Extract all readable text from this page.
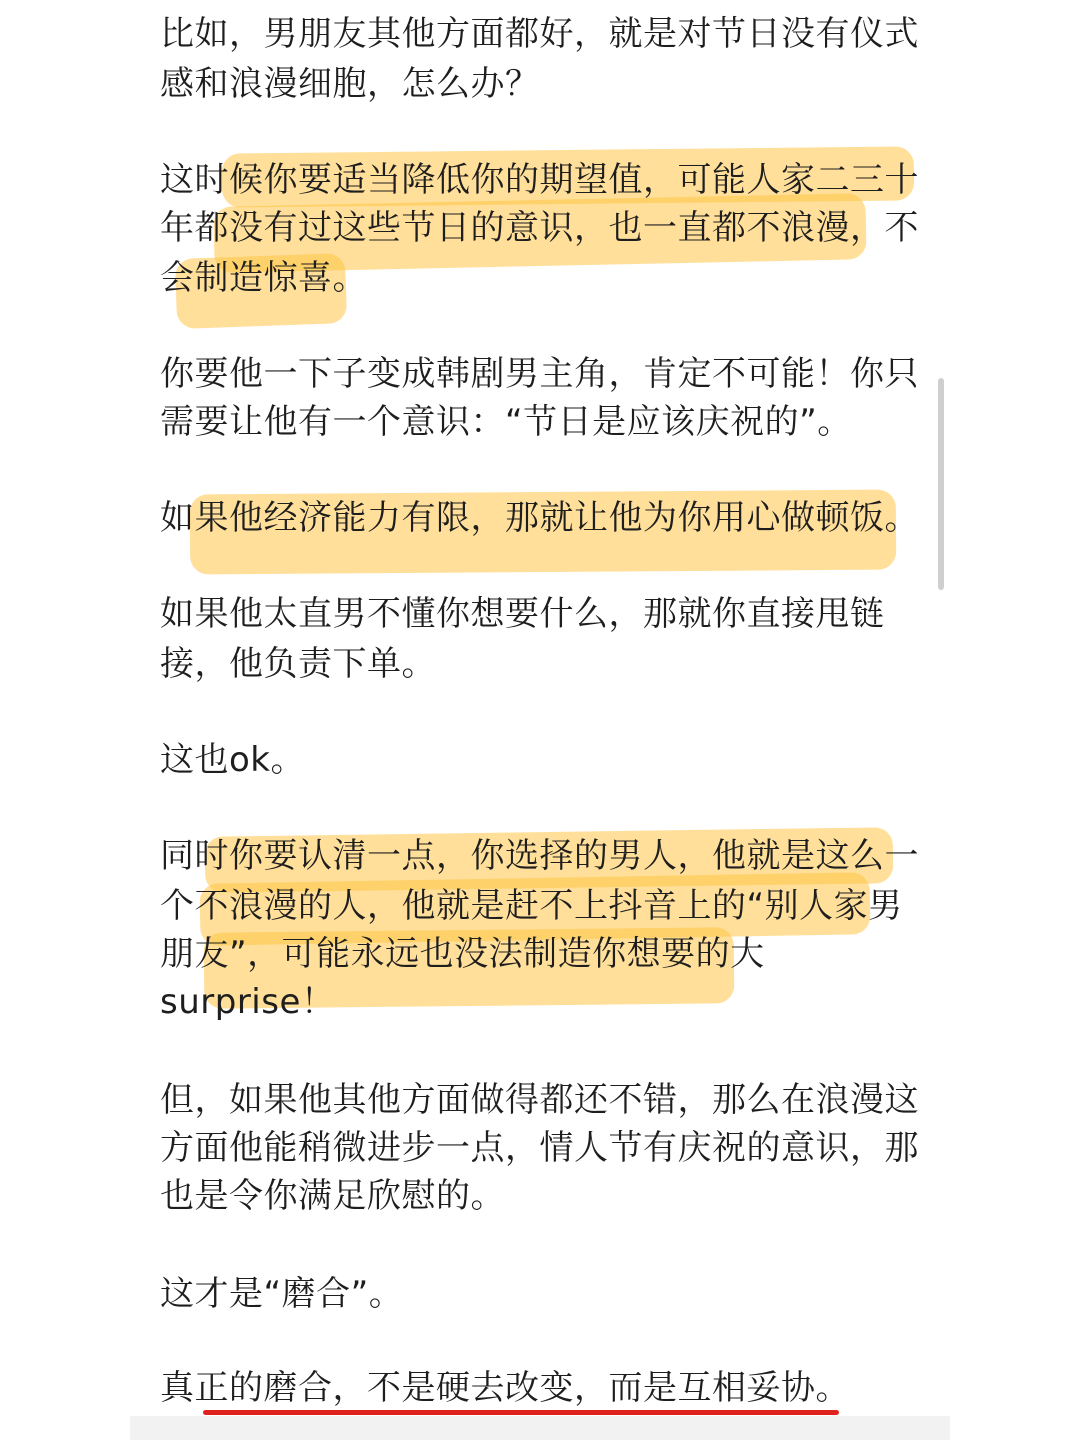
比如，男朋友其他方面都好，就是对节日没有仪式
感和浪漫细胞，怎么办？
这时候你要适当降低你的期望值，可能人家二三十
年都没有过这些节日的意识，也一直都不浪漫，不
会制造惊喜。
你要他一下子变成韩剧男主角，肯定不可能！你只
需要让他有一个意识：“节日是应该庆祝的”。
如果他经济能力有限，那就让他为你用心做顿饭。
如果他太直男不懂你想要什么，那就你直接甩链
接，他负责下单。
这也ok。
同时你要认清一点，你选择的男人，他就是这么一
个不浪漫的人，他就是赶不上抖音上的“别人家男
朋友”，可能永远也没法制造你想要的大
surprise！
但，如果他其他方面做得都还不错，那么在浪漫这
方面他能稍微进步一点，情人节有庆祝的意识，那
也是令你满足欣慰的。
这才是“磨合”。
真正的磨合，不是硬去改变，而是互相妥协。
